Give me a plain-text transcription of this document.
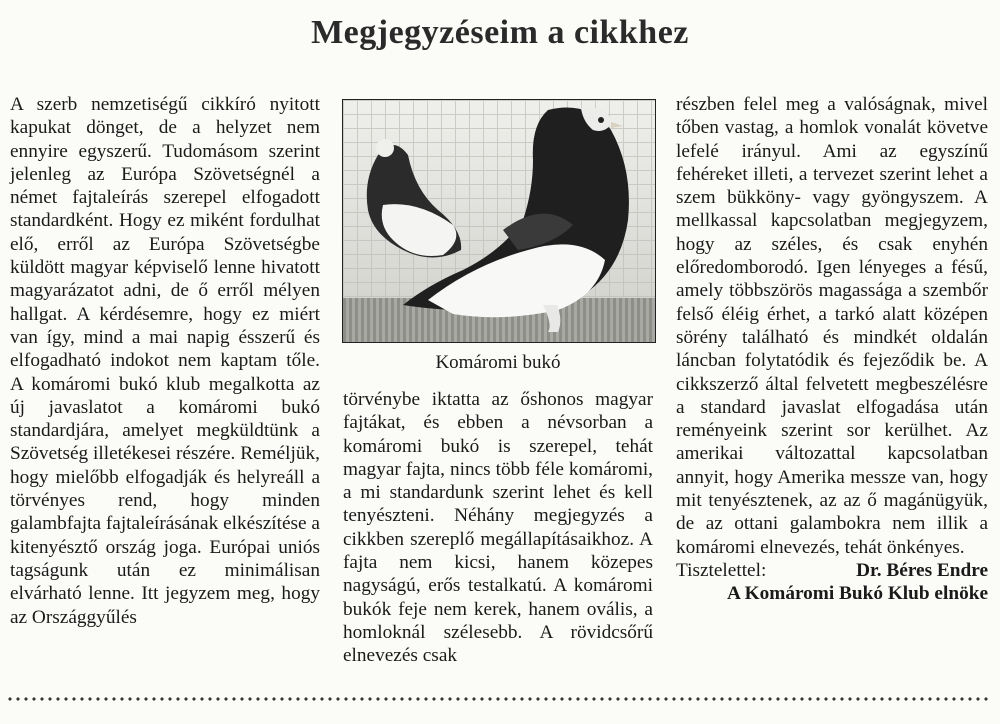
Megjegyzéseim a cikkhez

A szerb nemzetiségű cikkíró nyitott kapukat dönget, de a helyzet nem ennyire egyszerű. Tudomásom szerint jelenleg az Európa Szövetségnél a német fajtaleírás szerepel elfogadott standardként. Hogy ez miként fordulhat elő, erről az Európa Szövetségbe küldött magyar képviselő lenne hivatott magyarázatot adni, de ő erről mélyen hallgat. A kérdésemre, hogy ez miért van így, mind a mai napig ésszerű és elfogadható indokot nem kaptam tőle. A komáromi bukó klub megalkotta az új javaslatot a komáromi bukó standardjára, amelyet megküldtünk a Szövetség illetékesei részére. Reméljük, hogy mielőbb elfogadják és helyreáll a törvényes rend, hogy minden galambfajta fajtaleírásának elkészítése a kitenyésztő ország joga. Európai uniós tagságunk után ez minimálisan elvárható lenne. Itt jegyzem meg, hogy az Országgyűlés

Komáromi bukó

törvénybe iktatta az őshonos magyar fajtákat, és ebben a névsorban a komáromi bukó is szerepel, tehát magyar fajta, nincs több féle komáromi, a mi standardunk szerint lehet és kell tenyészteni. Néhány megjegyzés a cikkben szereplő megállapításaikhoz. A fajta nem kicsi, hanem közepes nagyságú, erős testalkatú. A komáromi bukók feje nem kerek, hanem ovális, a homloknál szélesebb. A rövidcsőrű elnevezés csak

részben felel meg a valóságnak, mivel tőben vastag, a homlok vonalát követve lefelé irányul. Ami az egyszínű fehéreket illeti, a tervezet szerint lehet a szem bükköny- vagy gyöngyszem. A mellkassal kapcsolatban megjegyzem, hogy az széles, és csak enyhén előredomborodó. Igen lényeges a fésű, amely többszörös magassága a szembőr felső éléig érhet, a tarkó alatt középen sörény található és mindkét oldalán láncban folytatódik és fejeződik be. A cikkszerző által felvetett megbeszélésre a standard javaslat elfogadása után reményeink szerint sor kerülhet. Az amerikai változattal kapcsolatban annyit, hogy Amerika messze van, hogy mit tenyésztenek, az az ő magánügyük, de az ottani galambokra nem illik a komáromi elnevezés, tehát önkényes.

Tisztelettel:	Dr. Béres Endre
A Komáromi Bukó Klub elnöke
